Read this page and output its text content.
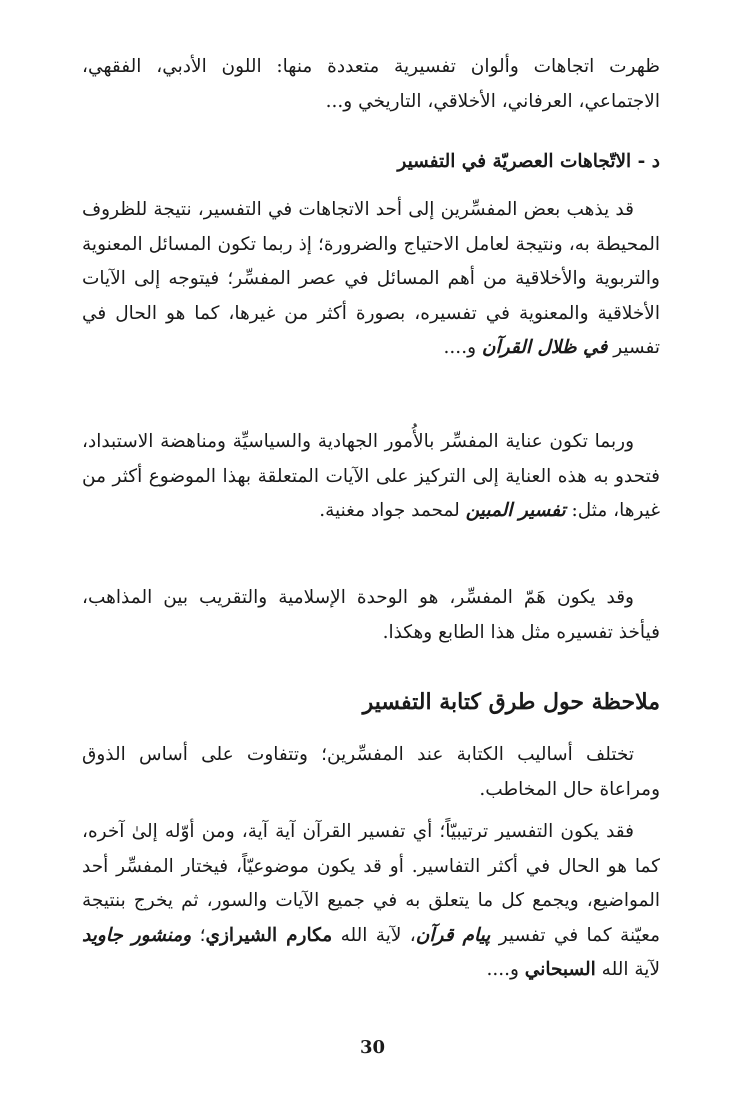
ظهرت اتجاهات وألوان تفسيرية متعددة منها: اللون الأدبي، الفقهي، الاجتماعي، العرفاني، الأخلاقي، التاريخي و...

د - الاتّجاهات العصريّة في التفسير

قد يذهب بعض المفسِّرين إلى أحد الاتجاهات في التفسير، نتيجة للظروف المحيطة به، ونتيجة لعامل الاحتياج والضرورة؛ إذ ربما تكون المسائل المعنوية والتربوية والأخلاقية من أهم المسائل في عصر المفسِّر؛ فيتوجه إلى الآيات الأخلاقية والمعنوية في تفسيره، بصورة أكثر من غيرها، كما هو الحال في تفسير في ظلال القرآن و....

وربما تكون عناية المفسِّر بالأُمور الجهادية والسياسيِّة ومناهضة الاستبداد، فتحدو به هذه العناية إلى التركيز على الآيات المتعلقة بهذا الموضوع أكثر من غيرها، مثل: تفسير المبين لمحمد جواد مغنية.

وقد يكون هَمّ المفسِّر، هو الوحدة الإسلامية والتقريب بين المذاهب، فيأخذ تفسيره مثل هذا الطابع وهكذا.

ملاحظة حول طرق كتابة التفسير

تختلف أساليب الكتابة عند المفسِّرين؛ وتتفاوت على أساس الذوق ومراعاة حال المخاطب.

فقد يكون التفسير ترتيبيّاً؛ أي تفسير القرآن آية آية، ومن أوّله إلىٰ آخره، كما هو الحال في أكثر التفاسير. أو قد يكون موضوعيّاً، فيختار المفسِّر أحد المواضيع، ويجمع كل ما يتعلق به في جميع الآيات والسور، ثم يخرج بنتيجة معيّنة كما في تفسير پيام قرآن، لآية الله مكارم الشيرازي؛ ومنشور جاويد لآية الله السبحاني و....

30
